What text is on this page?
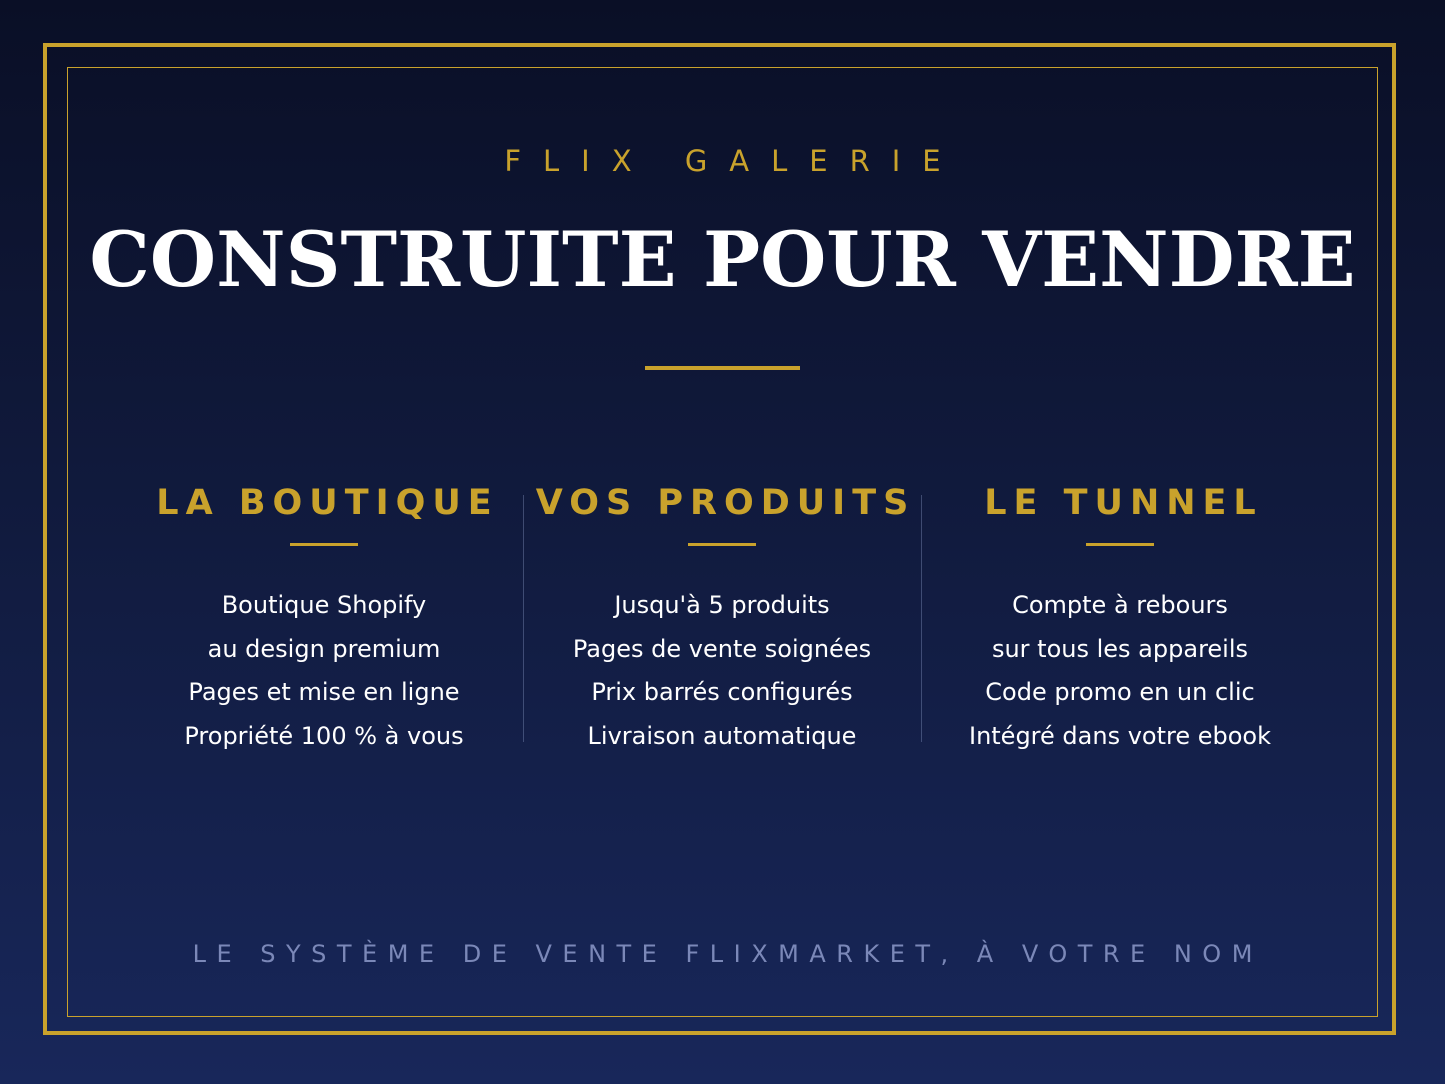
FLIX GALERIE
CONSTRUITE POUR VENDRE
LA BOUTIQUE
Boutique Shopify
au design premium
Pages et mise en ligne
Propriété 100 % à vous
VOS PRODUITS
Jusqu'à 5 produits
Pages de vente soignées
Prix barrés configurés
Livraison automatique
LE TUNNEL
Compte à rebours
sur tous les appareils
Code promo en un clic
Intégré dans votre ebook
LE SYSTÈME DE VENTE FLIXMARKET, À VOTRE NOM
